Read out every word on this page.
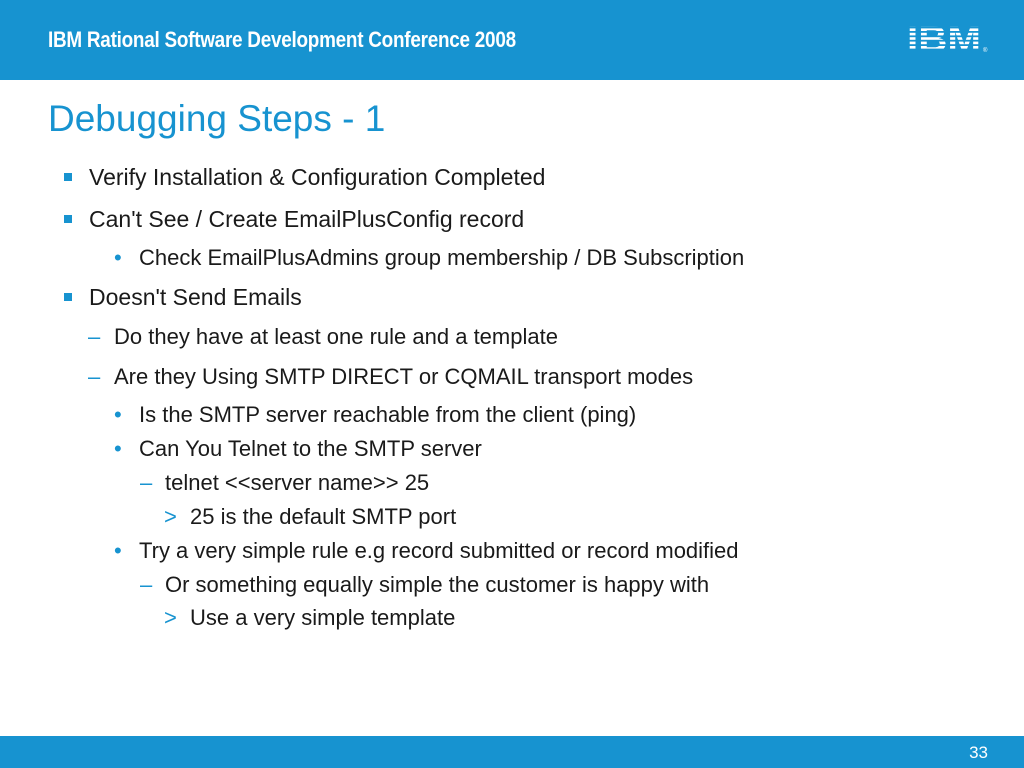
IBM Rational Software Development Conference 2008	®
Debugging Steps - 1
Verify Installation & Configuration Completed
Can't See / Create EmailPlusConfig record
• Check EmailPlusAdmins group membership / DB Subscription
Doesn't Send Emails
– Do they have at least one rule and a template
– Are they Using SMTP DIRECT or CQMAIL transport modes
• Is the SMTP server reachable from the client (ping)
• Can You Telnet to the SMTP server
– telnet <<server name>> 25
> 25 is the default SMTP port
• Try a very simple rule e.g record submitted or record modified
– Or something equally simple the customer is happy with
> Use a very simple template
33
